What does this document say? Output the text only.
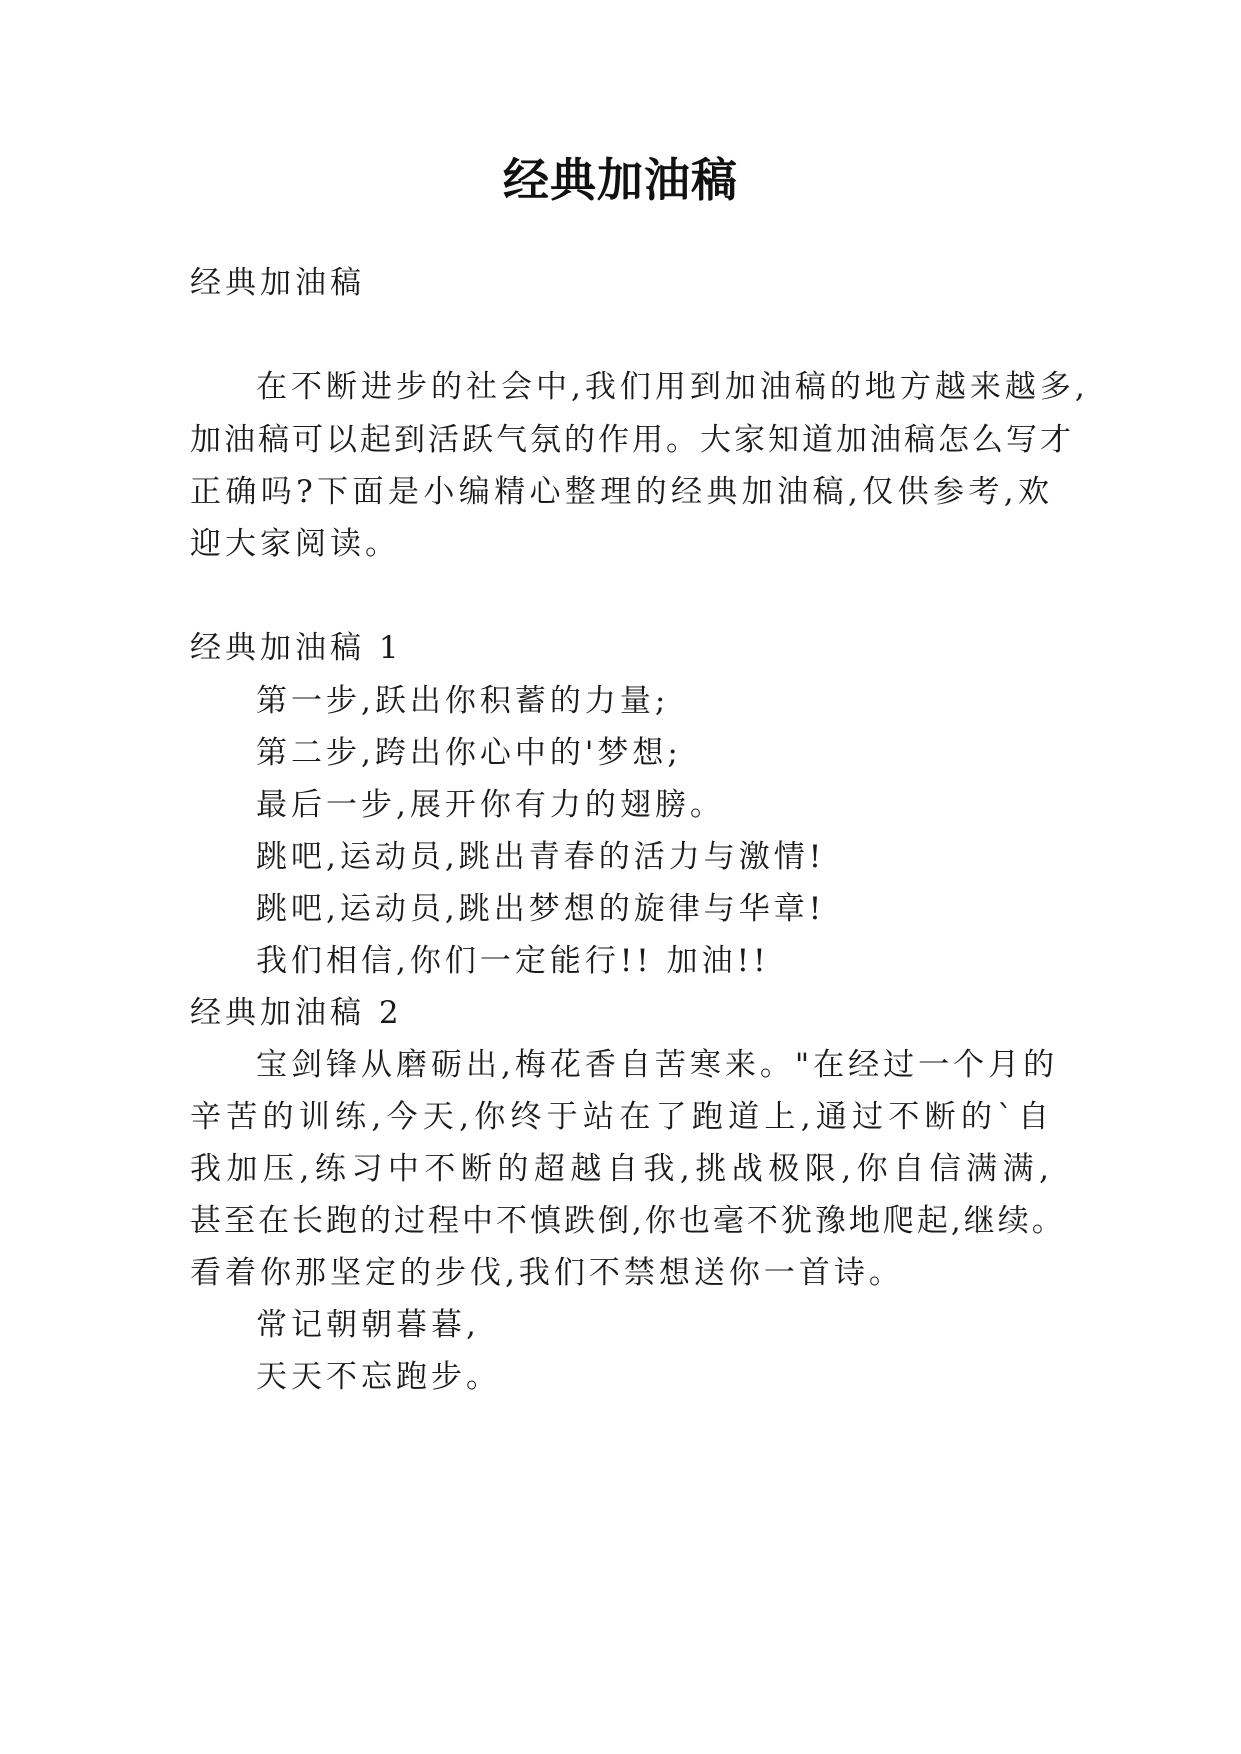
经典加油稿
经典加油稿
在不断进步的社会中,我们用到加油稿的地方越来越多,
加油稿可以起到活跃气氛的作用。大家知道加油稿怎么写才
正确吗?下面是小编精心整理的经典加油稿,仅供参考,欢
迎大家阅读。
经典加油稿 1
第一步,跃出你积蓄的力量;
第二步,跨出你心中的'梦想;
最后一步,展开你有力的翅膀。
跳吧,运动员,跳出青春的活力与激情!
跳吧,运动员,跳出梦想的旋律与华章!
我们相信,你们一定能行!! 加油!!
经典加油稿 2
宝剑锋从磨砺出,梅花香自苦寒来。"在经过一个月的
辛苦的训练,今天,你终于站在了跑道上,通过不断的`自
我加压,练习中不断的超越自我,挑战极限,你自信满满,
甚至在长跑的过程中不慎跌倒,你也毫不犹豫地爬起,继续。
看着你那坚定的步伐,我们不禁想送你一首诗。
常记朝朝暮暮,
天天不忘跑步。
